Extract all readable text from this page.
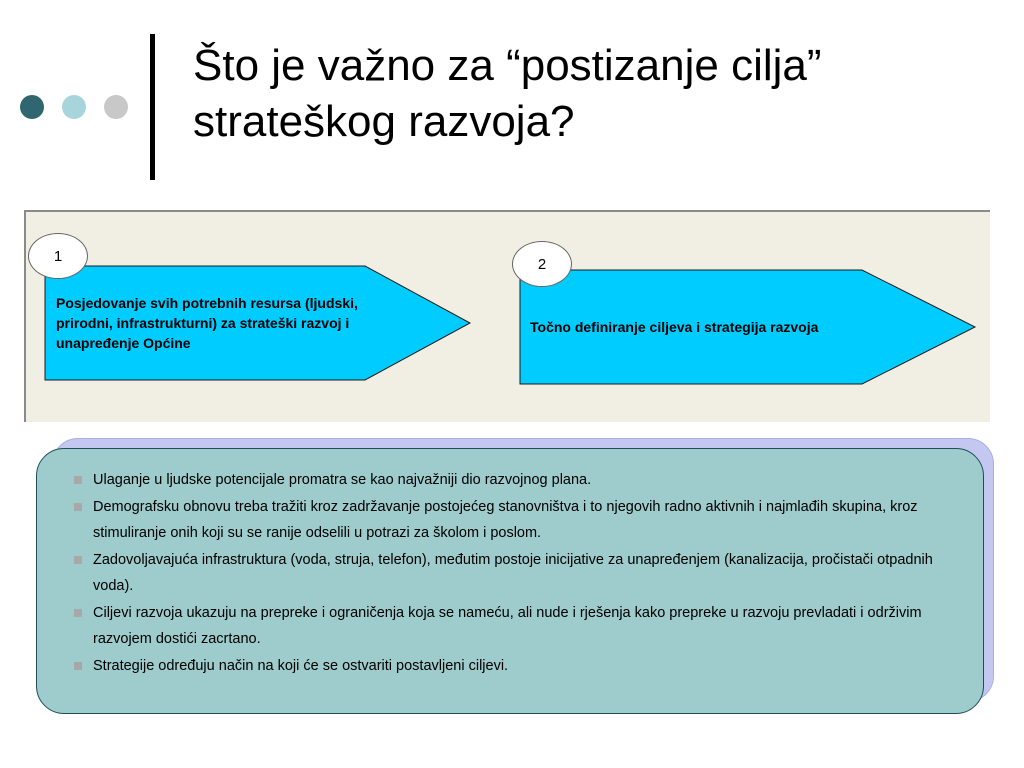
Što je važno za “postizanje cilja” strateškog razvoja?
Posjedovanje svih potrebnih resursa (ljudski, prirodni, infrastrukturni) za strateški razvoj i unapređenje Općine
Točno definiranje ciljeva i strategija razvoja
1	2
Ulaganje u ljudske potencijale promatra se kao najvažniji dio razvojnog plana.
Demografsku obnovu treba tražiti kroz zadržavanje postojećeg stanovništva i to njegovih radno aktivnih i najmlađih skupina, kroz stimuliranje onih koji su se ranije odselili u potrazi za školom i poslom.
Zadovoljavajuća infrastruktura (voda, struja, telefon), međutim postoje inicijative za unapređenjem (kanalizacija, pročistači otpadnih voda).
Ciljevi razvoja ukazuju na prepreke i ograničenja koja se nameću, ali nude i rješenja kako prepreke u razvoju prevladati i održivim razvojem dostići zacrtano.
Strategije određuju način na koji će se ostvariti postavljeni ciljevi.
